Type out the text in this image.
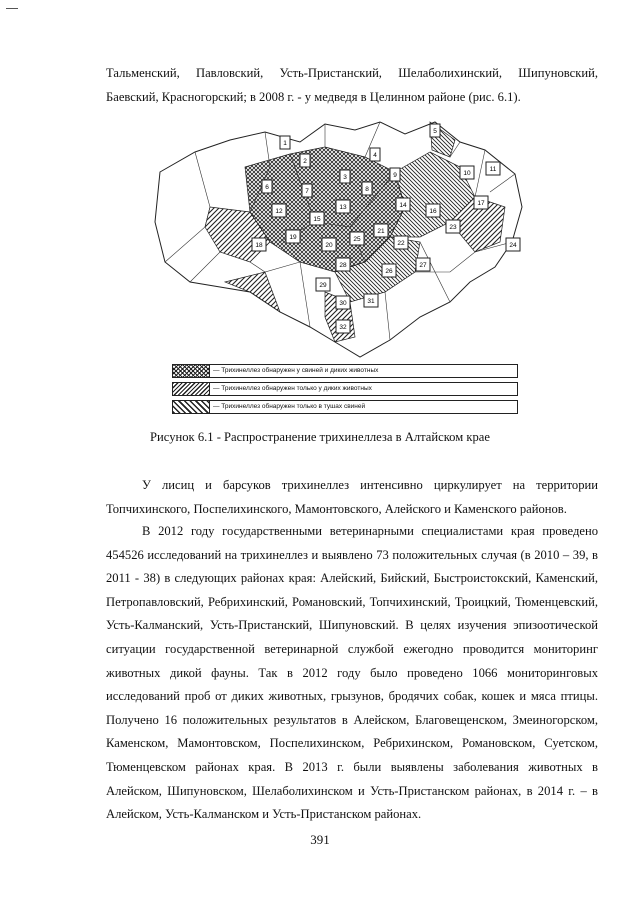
Тальменский, Павловский, Усть-Пристанский, Шелаболихинский, Шипуновский,
Баевский, Красногорский; в 2008 г. - у медведя в Целинном районе (рис. 6.1).

1
2
3
4
5
6
7	8
9	10
11
12
13	14
15
16
17
18
19
20
21
22
23
24
25
26
27
28
29
30	31
32
— Трихинеллез обнаружен у свиней и диких животных
— Трихинеллез обнаружен только у диких животных
— Трихинеллез обнаружен только в тушах свиней
Рисунок 6.1 - Распространение трихинеллеза в Алтайском крае

У лисиц и барсуков трихинеллез интенсивно циркулирует на территории
Топчихинского, Поспелихинского, Мамонтовского, Алейского и Каменского районов.

В 2012 году государственными ветеринарными специалистами края проведено
454526 исследований на трихинеллез и выявлено 73 положительных случая (в 2010 – 39, в
2011 - 38) в следующих районах края: Алейский, Бийский, Быстроистокский, Каменский,
Петропавловский, Ребрихинский, Романовский, Топчихинский, Троицкий, Тюменцевский,
Усть-Калманский, Усть-Пристанский, Шипуновский. В целях изучения эпизоотической
ситуации государственной ветеринарной службой ежегодно проводится мониторинг
животных дикой фауны. Так в 2012 году было проведено 1066 мониторинговых
исследований проб от диких животных, грызунов, бродячих собак, кошек и мяса птицы.
Получено 16 положительных результатов в Алейском, Благовещенском, Змеиногорском,
Каменском, Мамонтовском, Поспелихинском, Ребрихинском, Романовском, Суетском,
Тюменцевском районах края. В 2013 г. были выявлены заболевания животных в
Алейском, Шипуновском, Шелаболихинском и Усть-Пристанском районах, в 2014 г. – в
Алейском, Усть-Калманском и Усть-Пристанском районах.

391
